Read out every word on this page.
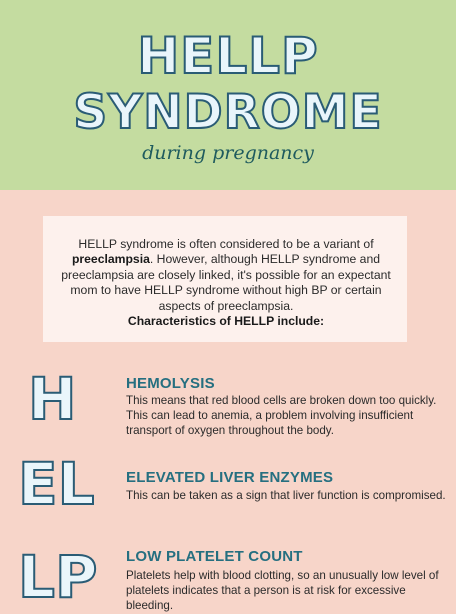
HELLP
SYNDROME
during pregnancy
HELLP syndrome is often considered to be a variant of preeclampsia. However, although HELLP syndrome and preeclampsia are closely linked, it's possible for an expectant mom to have HELLP syndrome without high BP or certain aspects of preeclampsia.
Characteristics of HELLP include:
H	HEMOLYSIS
This means that red blood cells are broken down too quickly. This can lead to anemia, a problem involving insufficient transport of oxygen throughout the body.
EL ELEVATED LIVER ENZYMES
This can be taken as a sign that liver function is compromised.
LP LOW PLATELET COUNT
Platelets help with blood clotting, so an unusually low level of platelets indicates that a person is at risk for excessive bleeding.
